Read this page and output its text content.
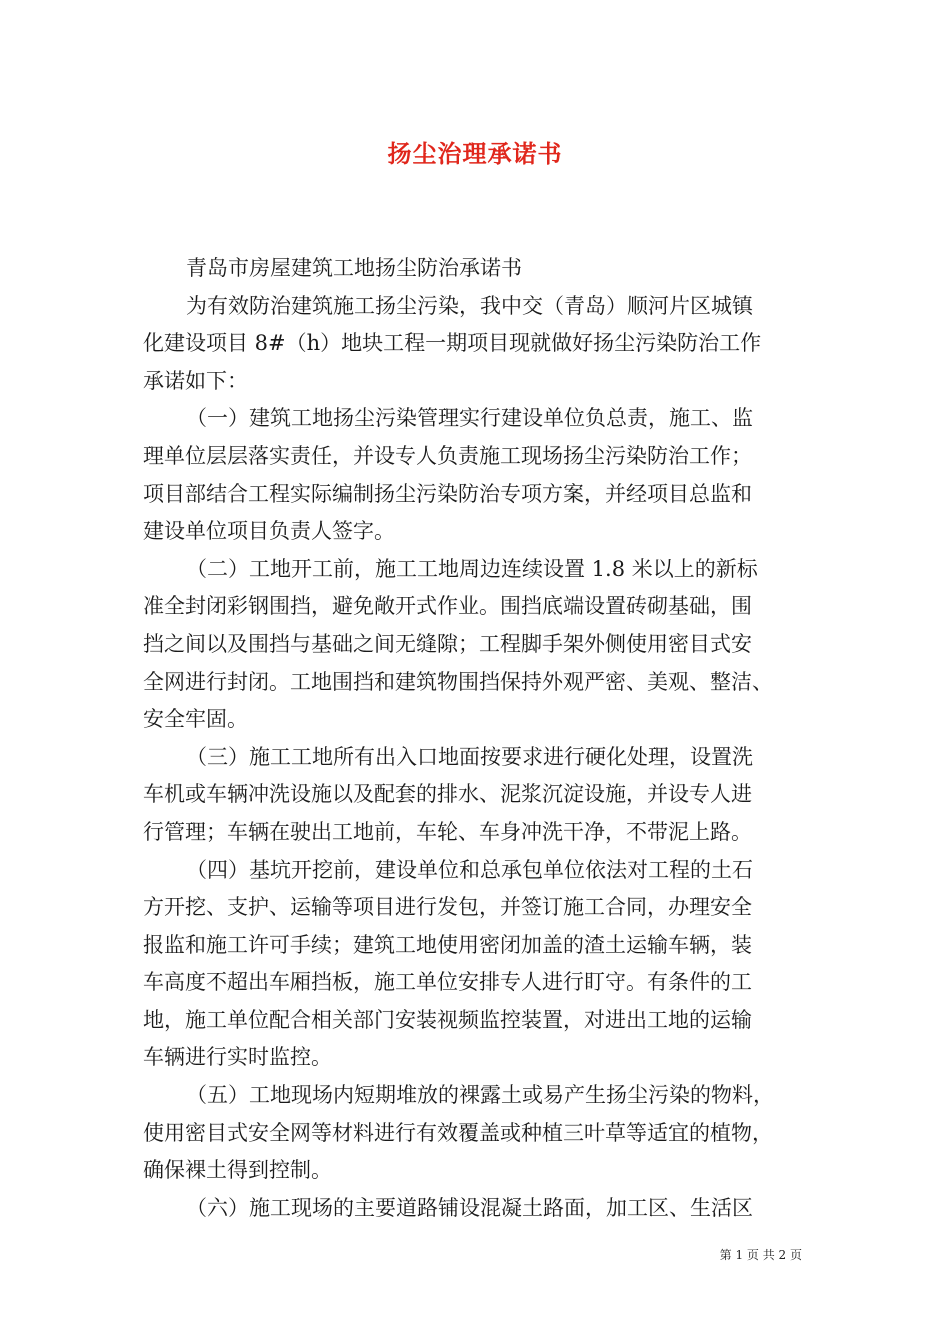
扬尘治理承诺书
青岛市房屋建筑工地扬尘防治承诺书
为有效防治建筑施工扬尘污染，我中交（青岛）顺河片区城镇
化建设项目 8#（h）地块工程一期项目现就做好扬尘污染防治工作
承诺如下：
（一）建筑工地扬尘污染管理实行建设单位负总责，施工、监
理单位层层落实责任，并设专人负责施工现场扬尘污染防治工作；
项目部结合工程实际编制扬尘污染防治专项方案，并经项目总监和
建设单位项目负责人签字。
（二）工地开工前，施工工地周边连续设置 1.8 米以上的新标
准全封闭彩钢围挡，避免敞开式作业。围挡底端设置砖砌基础，围
挡之间以及围挡与基础之间无缝隙；工程脚手架外侧使用密目式安
全网进行封闭。工地围挡和建筑物围挡保持外观严密、美观、整洁、
安全牢固。
（三）施工工地所有出入口地面按要求进行硬化处理，设置洗
车机或车辆冲洗设施以及配套的排水、泥浆沉淀设施，并设专人进
行管理；车辆在驶出工地前，车轮、车身冲洗干净，不带泥上路。
（四）基坑开挖前，建设单位和总承包单位依法对工程的土石
方开挖、支护、运输等项目进行发包，并签订施工合同，办理安全
报监和施工许可手续；建筑工地使用密闭加盖的渣土运输车辆，装
车高度不超出车厢挡板，施工单位安排专人进行盯守。有条件的工
地，施工单位配合相关部门安装视频监控装置，对进出工地的运输
车辆进行实时监控。
（五）工地现场内短期堆放的裸露土或易产生扬尘污染的物料，
使用密目式安全网等材料进行有效覆盖或种植三叶草等适宜的植物，
确保裸土得到控制。
（六）施工现场的主要道路铺设混凝土路面，加工区、生活区
第 1 页 共 2 页
